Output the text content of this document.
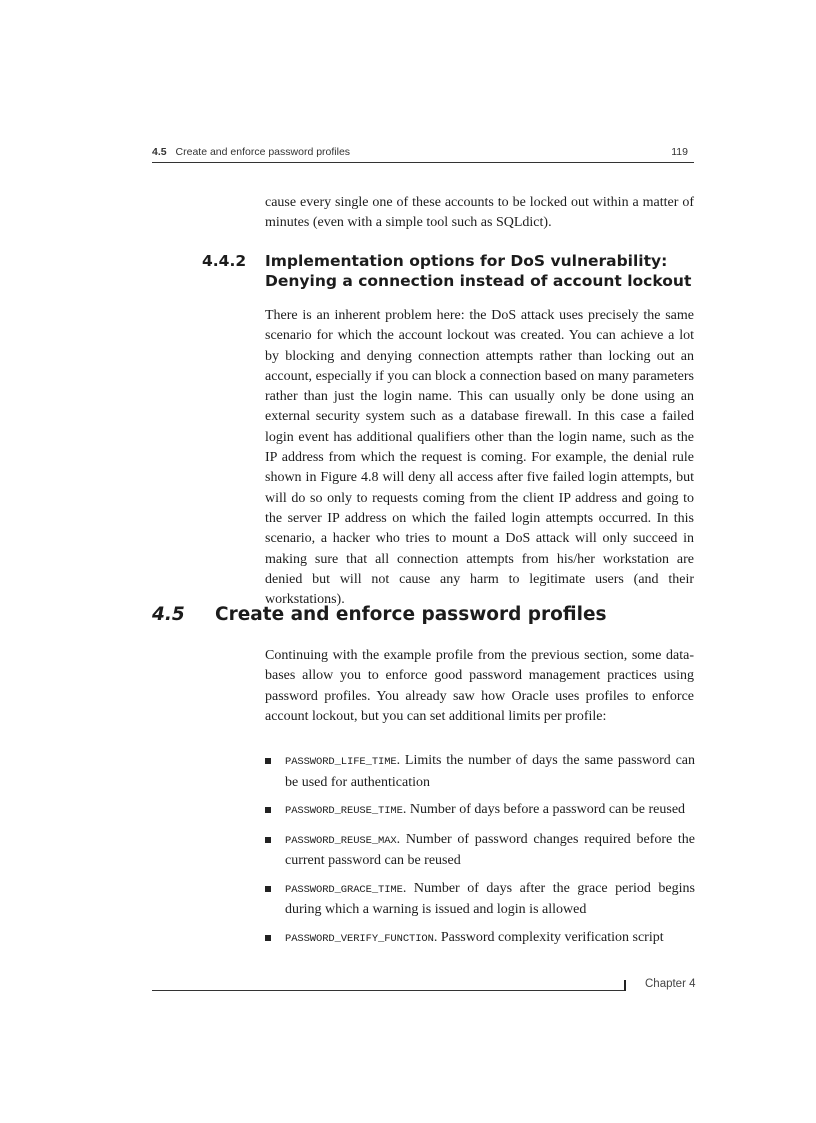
4.5 Create and enforce password profiles	119

cause every single one of these accounts to be locked out within a matter of minutes (even with a simple tool such as SQLdict).

4.4.2 Implementation options for DoS vulnerability:
Denying a connection instead of account lockout

There is an inherent problem here: the DoS attack uses precisely the same scenario for which the account lockout was created. You can achieve a lot by blocking and denying connection attempts rather than locking out an account, especially if you can block a connection based on many parameters rather than just the login name. This can usually only be done using an external security system such as a database firewall. In this case a failed login event has additional qualifiers other than the login name, such as the IP address from which the request is coming. For example, the denial rule shown in Figure 4.8 will deny all access after five failed login attempts, but will do so only to requests coming from the client IP address and going to the server IP address on which the failed login attempts occurred. In this scenario, a hacker who tries to mount a DoS attack will only succeed in making sure that all connection attempts from his/her workstation are denied but will not cause any harm to legitimate users (and their workstations).

4.5 Create and enforce password profiles

Continuing with the example profile from the previous section, some databases allow you to enforce good password management practices using password profiles. You already saw how Oracle uses profiles to enforce account lockout, but you can set additional limits per profile:

PASSWORD_LIFE_TIME. Limits the number of days the same password can be used for authentication
PASSWORD_REUSE_TIME. Number of days before a password can be reused
PASSWORD_REUSE_MAX. Number of password changes required before the current password can be reused
PASSWORD_GRACE_TIME. Number of days after the grace period begins during which a warning is issued and login is allowed
PASSWORD_VERIFY_FUNCTION. Password complexity verification script
Chapter 4
